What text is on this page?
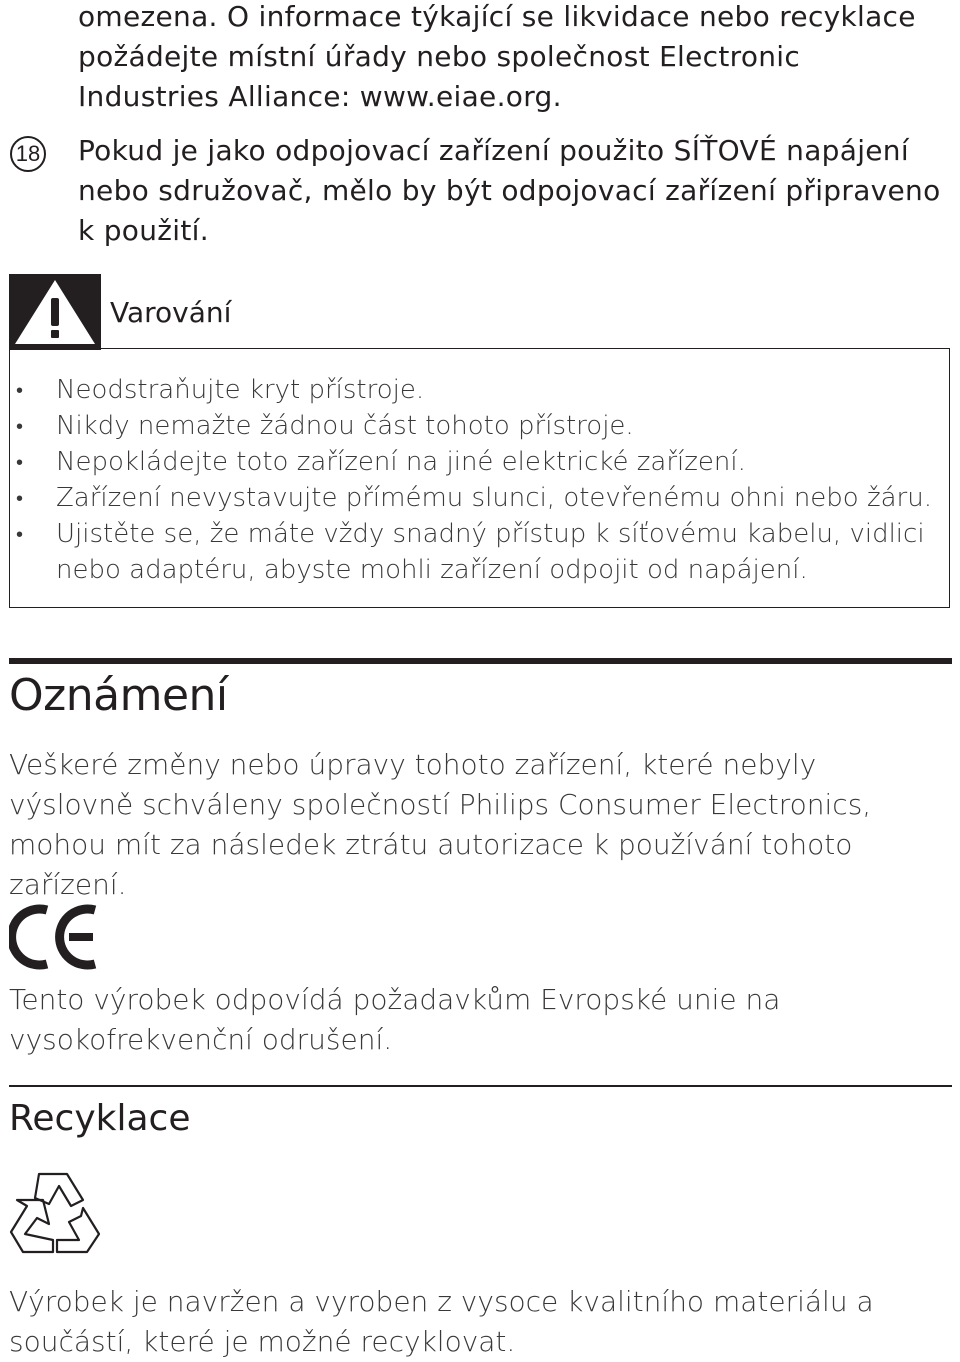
omezena. O informace týkající se likvidace nebo recyklace požádejte místní úřady nebo společnost Electronic Industries Alliance: www.eiae.org.
18 Pokud je jako odpojovací zařízení použito SÍŤOVÉ napájení nebo sdružovač, mělo by být odpojovací zařízení připraveno k použití.
Varování
• Neodstraňujte kryt přístroje.
• Nikdy nemažte žádnou část tohoto přístroje.
• Nepokládejte toto zařízení na jiné elektrické zařízení.
• Zařízení nevystavujte přímému slunci, otevřenému ohni nebo žáru.
• Ujistěte se, že máte vždy snadný přístup k síťovému kabelu, vidlici nebo adaptéru, abyste mohli zařízení odpojit od napájení.
Oznámení
Veškeré změny nebo úpravy tohoto zařízení, které nebyly výslovně schváleny společností Philips Consumer Electronics, mohou mít za následek ztrátu autorizace k používání tohoto zařízení.
Tento výrobek odpovídá požadavkům Evropské unie na vysokofrekvenční odrušení.
Recyklace
Výrobek je navržen a vyroben z vysoce kvalitního materiálu a součástí, které je možné recyklovat.
